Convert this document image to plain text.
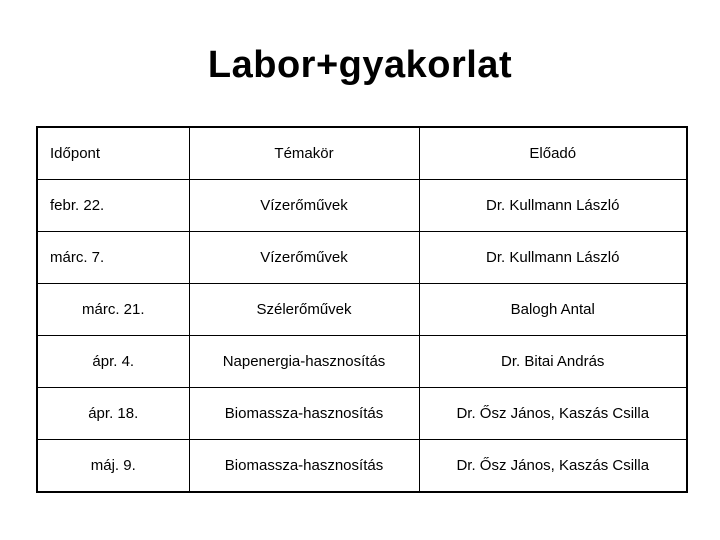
Labor+gyakorlat
Időpont	Témakör	Előadó
febr. 22.	Vízerőművek	Dr. Kullmann László
márc. 7.	Vízerőművek	Dr. Kullmann László
márc. 21.	Szélerőművek	Balogh Antal
ápr. 4.	Napenergia-hasznosítás	Dr. Bitai András
ápr. 18.	Biomassza-hasznosítás	Dr. Ősz János, Kaszás Csilla
máj. 9.	Biomassza-hasznosítás	Dr. Ősz János, Kaszás Csilla
